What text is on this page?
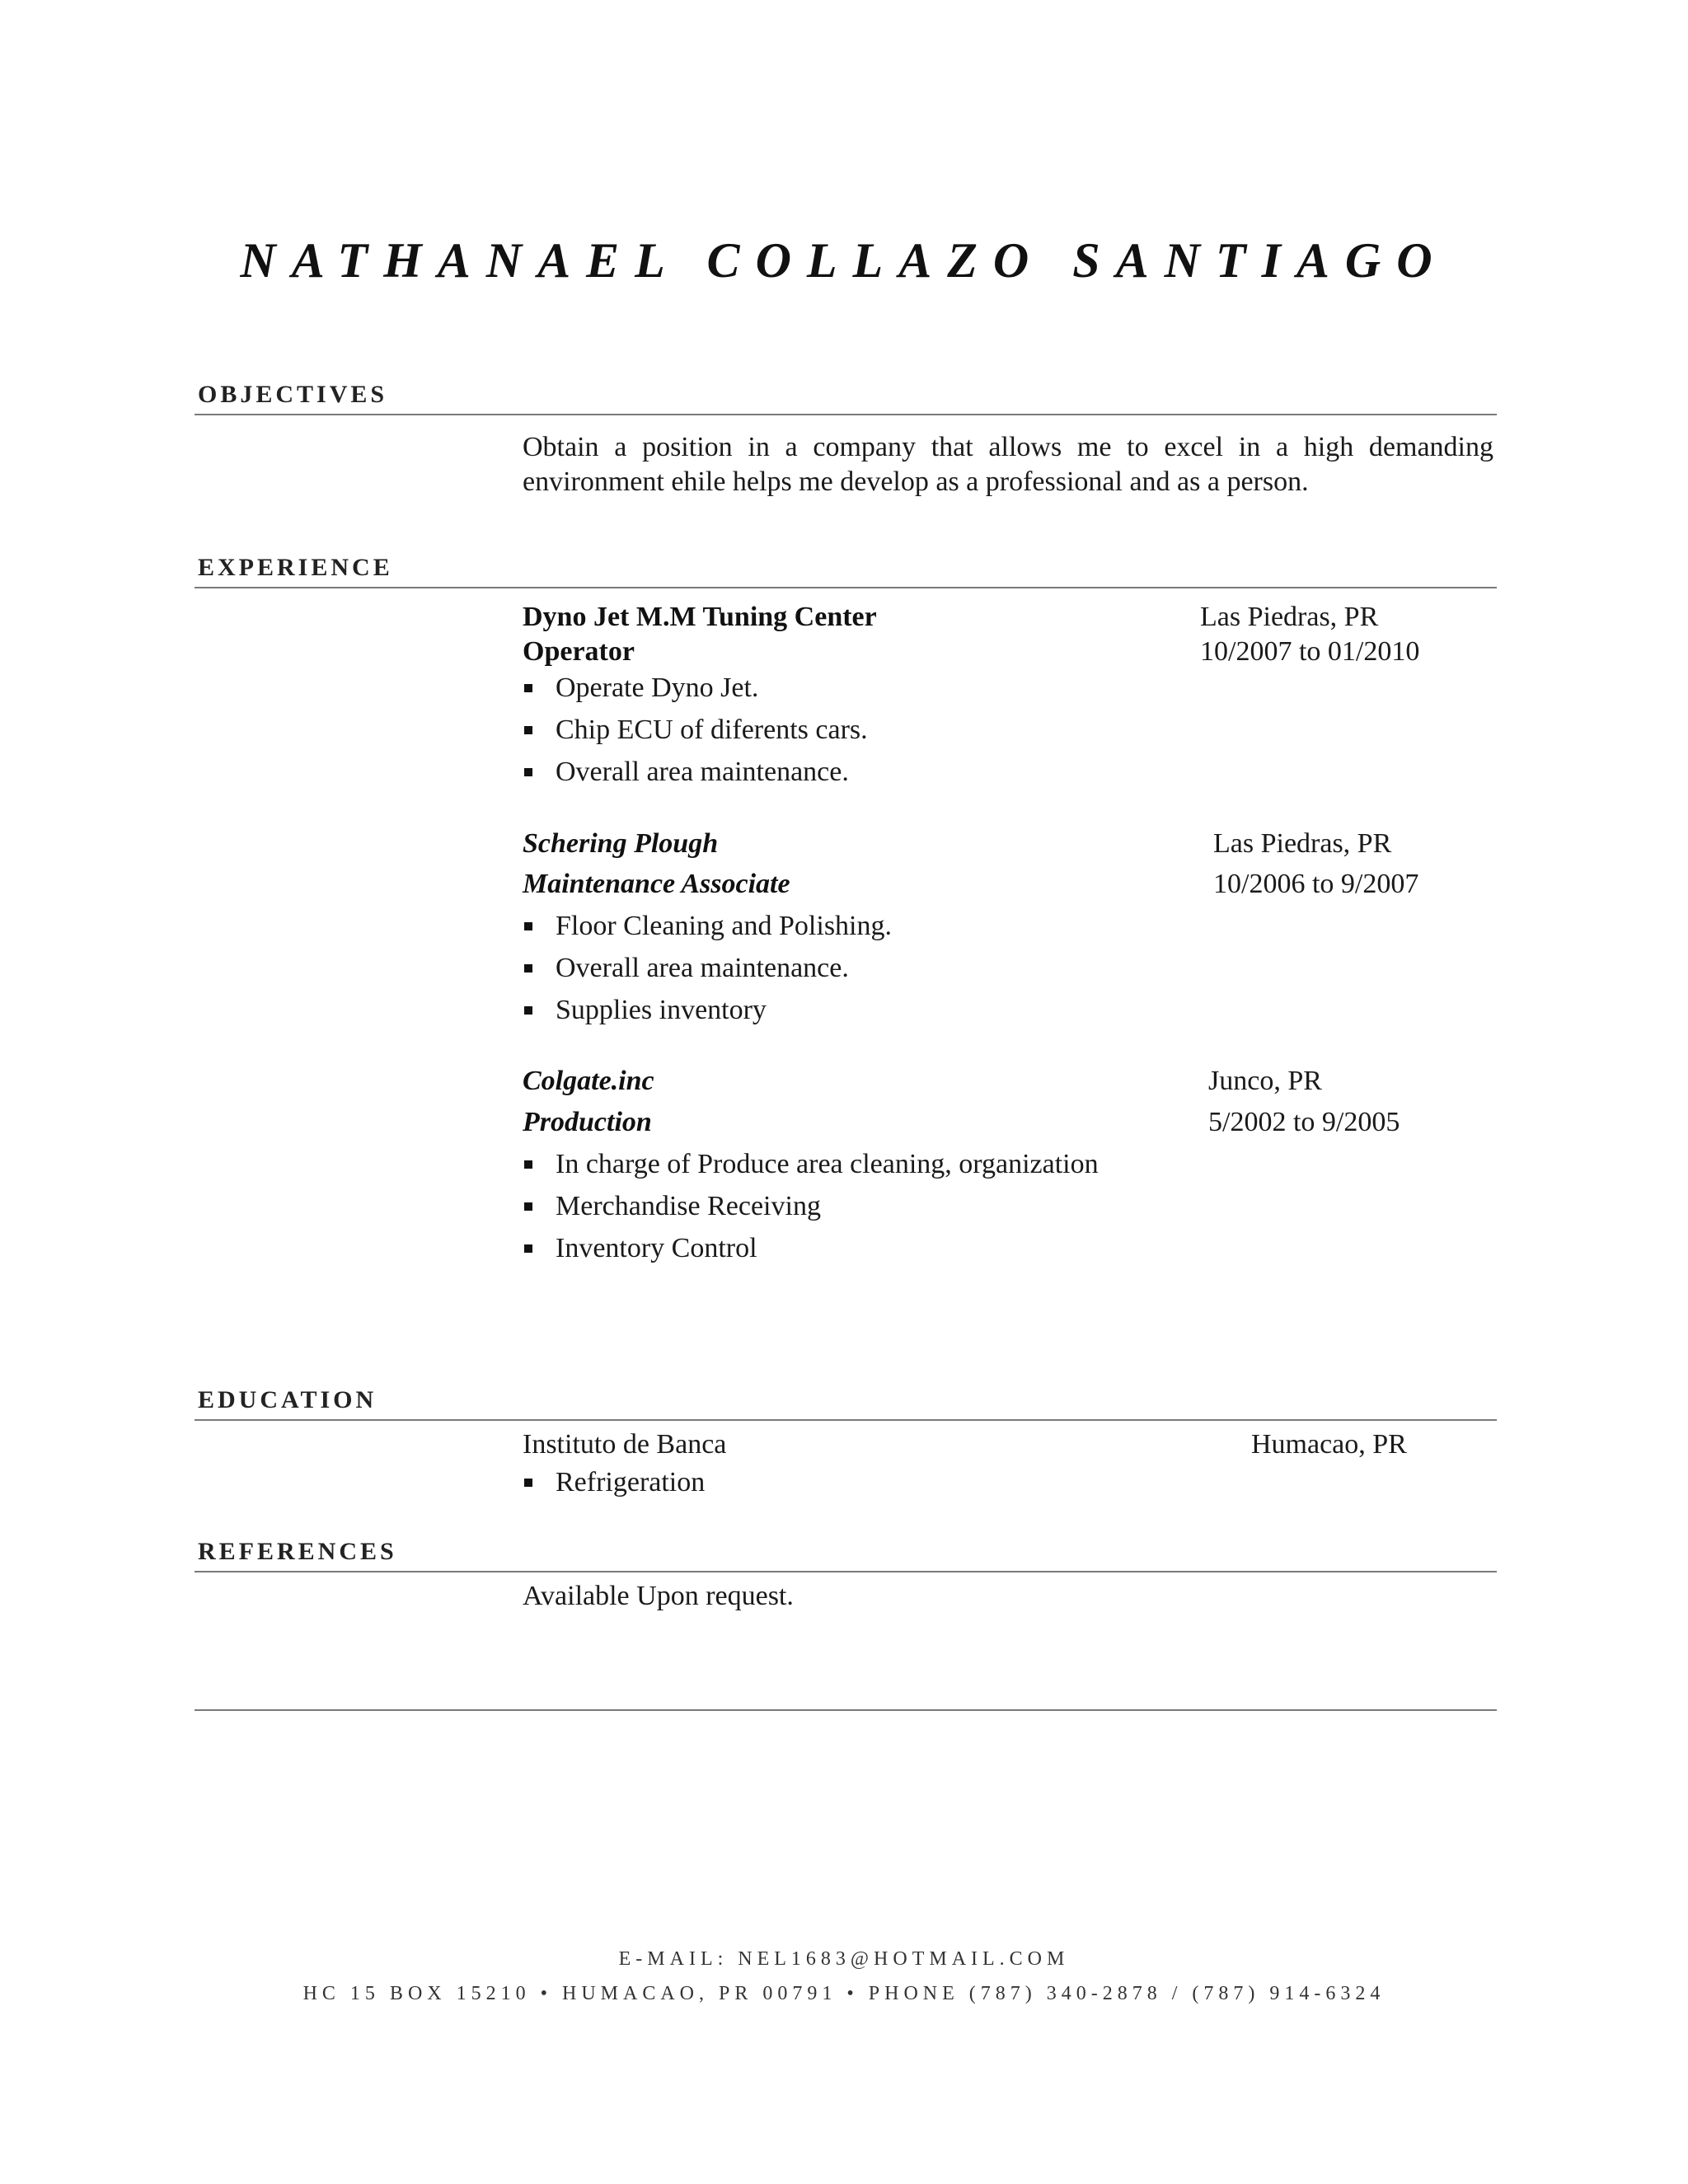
NATHANAEL COLLAZO SANTIAGO
OBJECTIVES
Obtain a position in a company that allows me to excel in a high demanding environment ehile helps me develop as a professional and as a person.
EXPERIENCE
Dyno Jet M.M Tuning Center
Operator
Las Piedras, PR
10/2007 to 01/2010
Operate Dyno Jet.
Chip ECU of diferents cars.
Overall area maintenance.
Schering Plough
Maintenance Associate
Las Piedras, PR
10/2006 to 9/2007
Floor Cleaning and Polishing.
Overall area maintenance.
Supplies inventory
Colgate.inc
Production
Junco, PR
5/2002 to 9/2005
In charge of Produce area cleaning, organization
Merchandise Receiving
Inventory Control
EDUCATION
Instituto de Banca	Humacao, PR
Refrigeration
REFERENCES
Available Upon request.
E-MAIL: NEL1683@HOTMAIL.COM
HC 15 BOX 15210 • HUMACAO, PR 00791 • PHONE (787) 340-2878 / (787) 914-6324
